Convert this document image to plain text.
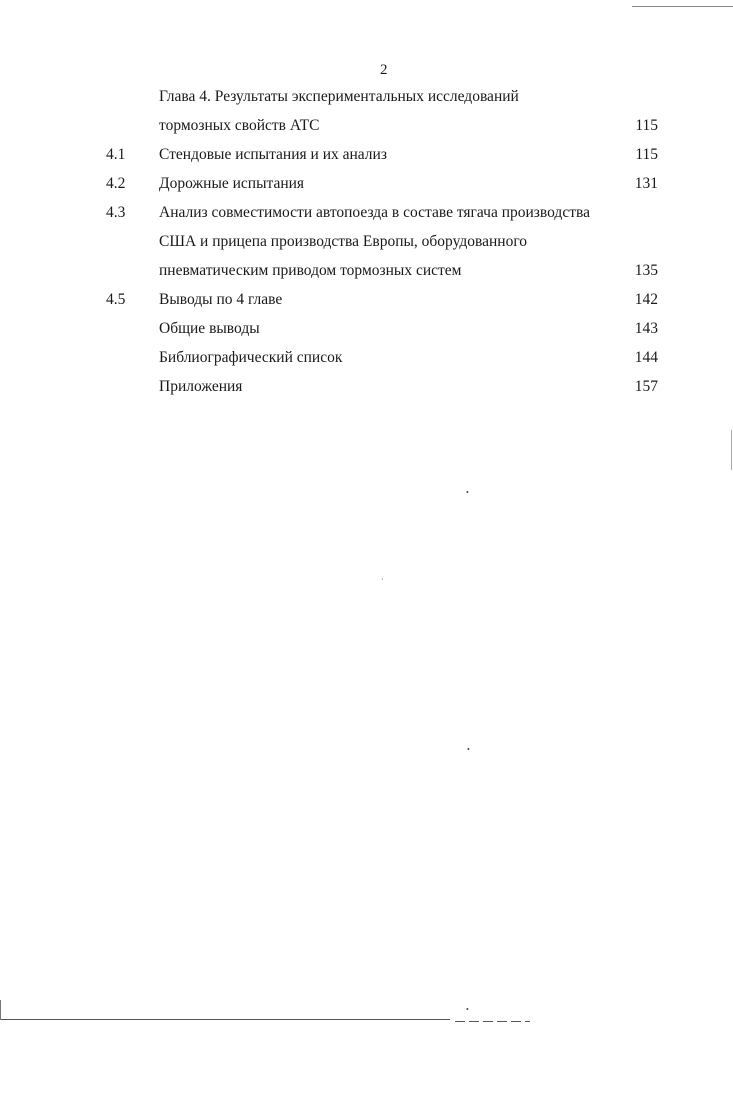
2
Глава 4. Результаты экспериментальных исследований
тормозных свойств АТС	115
4.1 Стендовые испытания и их анализ	115
4.2 Дорожные испытания	131
4.3 Анализ совместимости автопоезда в составе тягача производства
США и прицепа производства Европы, оборудованного
пневматическим приводом тормозных систем	135
4.5 Выводы по 4 главе	142
Общие выводы	143
Библиографический список	144
Приложения	157
•
·
•
•
